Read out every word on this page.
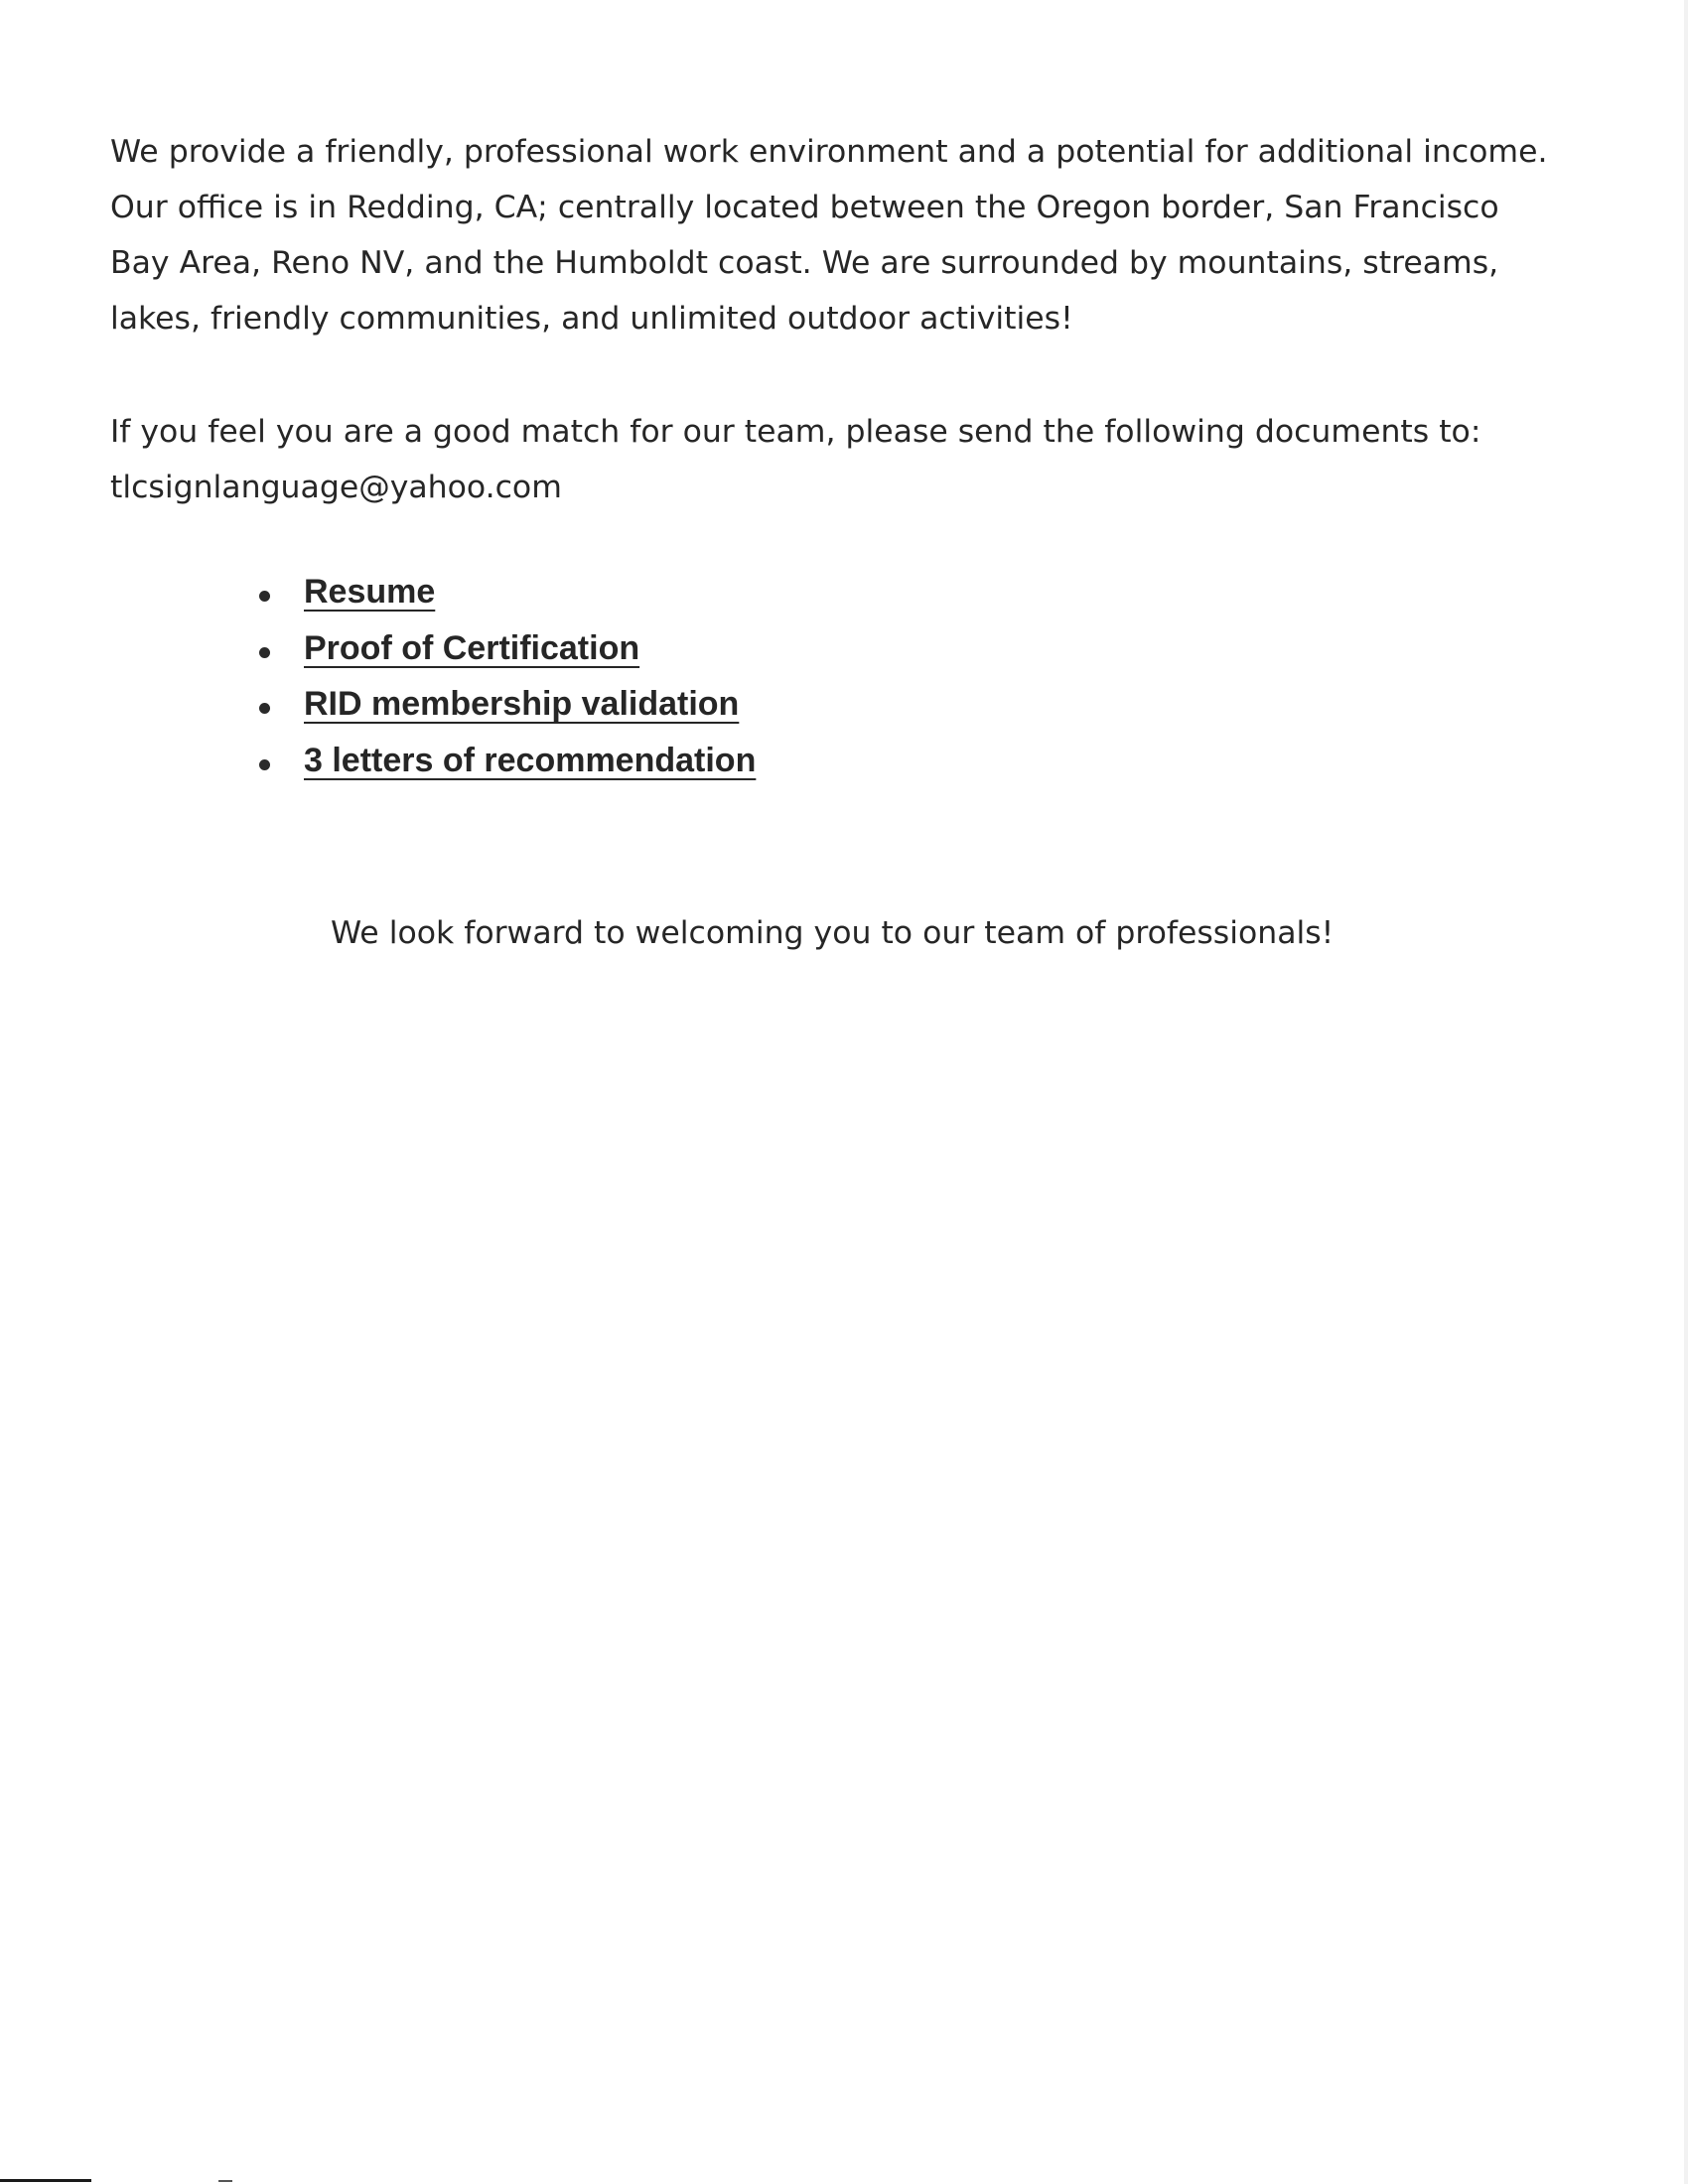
We provide a friendly, professional work environment and a potential for additional income.
Our office is in Redding, CA; centrally located between the Oregon border, San Francisco
Bay Area, Reno NV, and the Humboldt coast. We are surrounded by mountains, streams,
lakes, friendly communities, and unlimited outdoor activities!

If you feel you are a good match for our team, please send the following documents to:
tlcsignlanguage@yahoo.com

Resume
Proof of Certification
RID membership validation
3 letters of recommendation
We look forward to welcoming you to our team of professionals!
